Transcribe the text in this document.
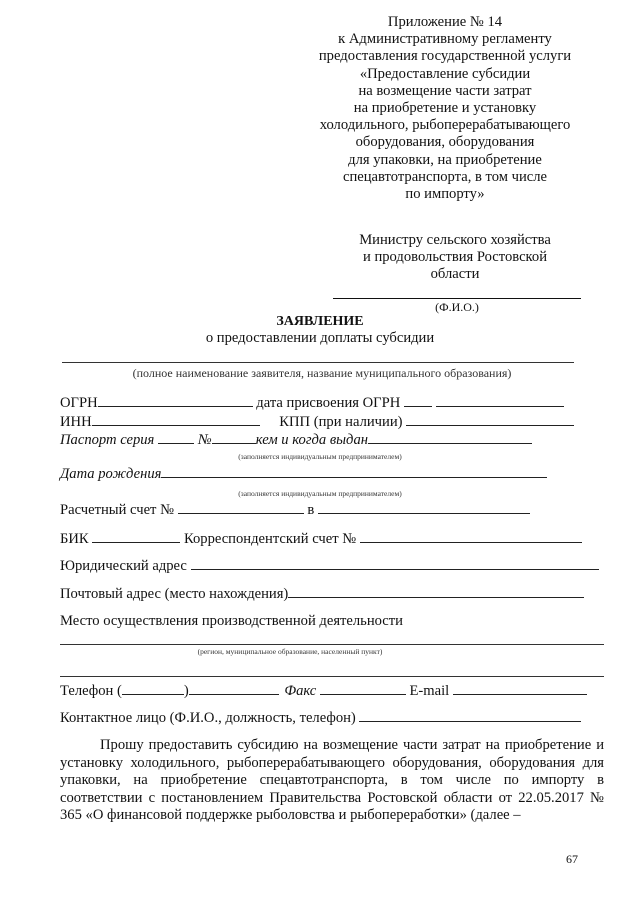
Приложение № 14
к Административному регламенту
предоставления государственной услуги
«Предоставление субсидии
на возмещение части затрат
на приобретение и установку
холодильного, рыбоперерабатывающего
оборудования, оборудования
для упаковки, на приобретение
спецавтотранспорта, в том числе
по импорту»
Министру сельского хозяйства
и продовольствия Ростовской
области
(Ф.И.О.)
ЗАЯВЛЕНИЕ
о предоставлении доплаты субсидии
(полное наименование заявителя, название муниципального образования)
ОГРН	дата присвоения ОГРН
ИНН	КПП (при наличии)
Паспорт серия	№	кем и когда выдан
(заполняется индивидуальным предпринимателем)
Дата рождения
(заполняется индивидуальным предпринимателем)
Расчетный счет №	в
БИК	Корреспондентский счет №
Юридический адрес
Почтовый адрес (место нахождения)
Место осуществления производственной деятельности
(регион, муниципальное образование, населенный пункт)
Телефон (	)	Факс	E-mail
Контактное лицо (Ф.И.О., должность, телефон)
Прошу предоставить субсидию на возмещение части затрат на приобретение и установку холодильного, рыбоперерабатывающего оборудования, оборудования для упаковки, на приобретение спецавтотранспорта, в том числе по импорту в соответствии с постановлением Правительства Ростовской области от 22.05.2017 № 365 «О финансовой поддержке рыболовства и рыбопереработки» (далее –
67
